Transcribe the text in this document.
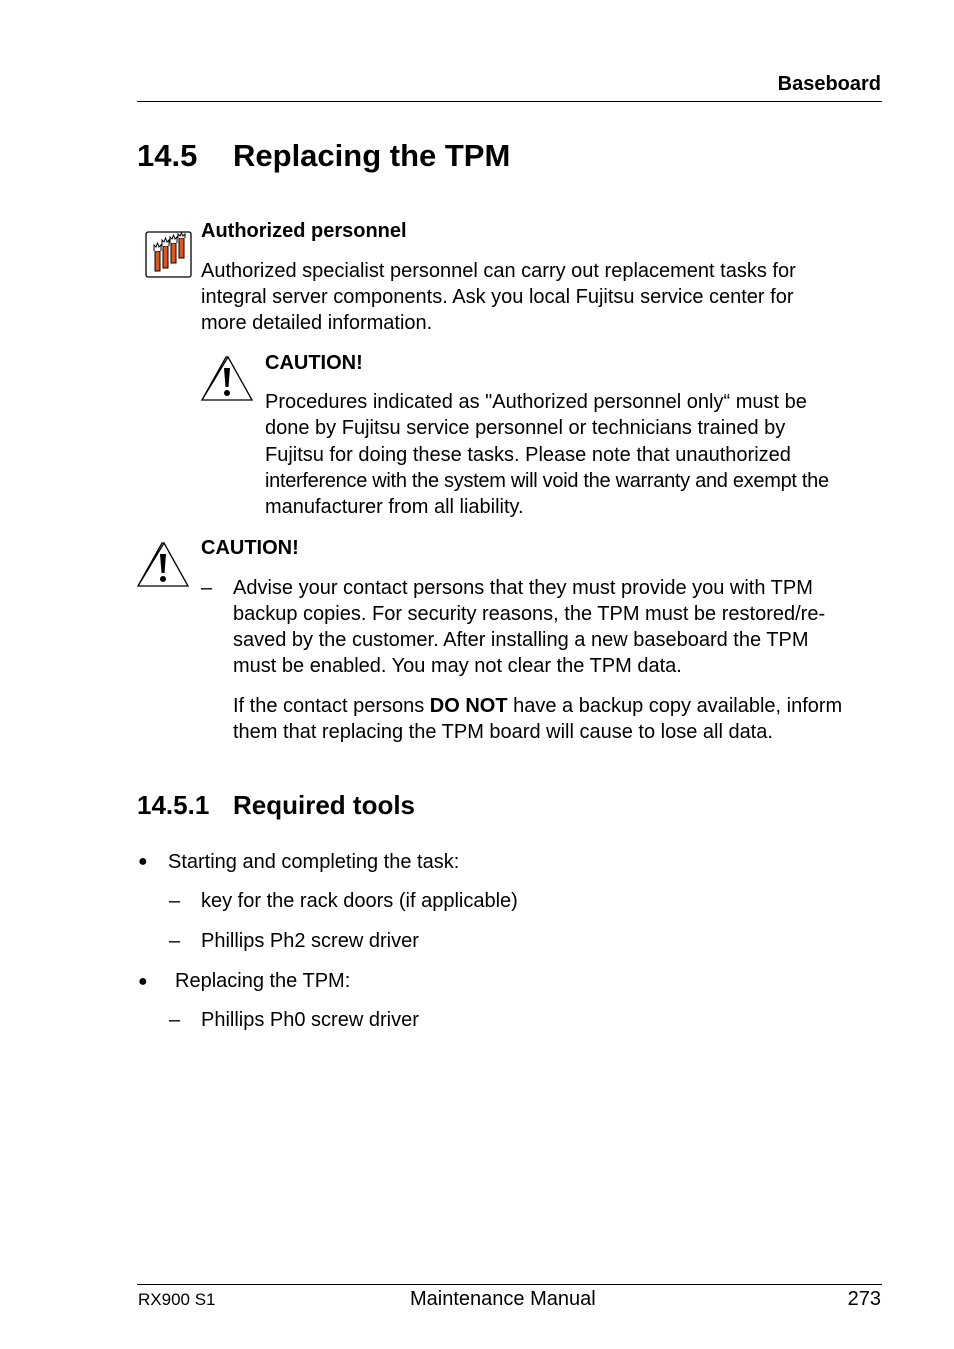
Baseboard
14.5 Replacing the TPM
Authorized personnel
Authorized specialist personnel can carry out replacement tasks for
integral server components. Ask you local Fujitsu service center for
more detailed information.
CAUTION!
Procedures indicated as "Authorized personnel only“ must be
done by Fujitsu service personnel or technicians trained by
Fujitsu for doing these tasks. Please note that unauthorized
interference with the system will void the warranty and exempt the
manufacturer from all liability.
CAUTION!
– Advise your contact persons that they must provide you with TPM
backup copies. For security reasons, the TPM must be restored/re-
saved by the customer. After installing a new baseboard the TPM
must be enabled. You may not clear the TPM data.
If the contact persons DO NOT have a backup copy available, inform
them that replacing the TPM board will cause to lose all data.
14.5.1 Required tools
● Starting and completing the task:
– key for the rack doors (if applicable)
– Phillips Ph2 screw driver
● Replacing the TPM:
– Phillips Ph0 screw driver
RX900 S1	Maintenance Manual	273
